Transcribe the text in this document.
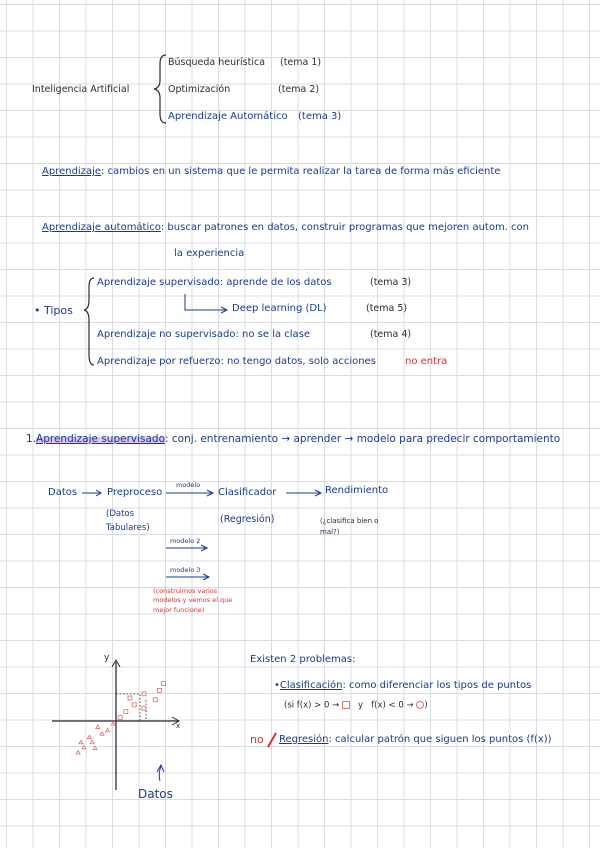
Inteligencia Artificial
Búsqueda heurística (tema 1)
Optimización	(tema 2)
Aprendizaje Automático (tema 3)
Aprendizaje: cambios en un sistema que le permita realizar la tarea de forma más eficiente
Aprendizaje automático: buscar patrones en datos, construir programas que mejoren autom. con
la experiencia
• Tipos
Aprendizaje supervisado: aprende de los datos	(tema 3)
Deep learning (DL)	(tema 5)
Aprendizaje no supervisado: no se la clase	(tema 4)
Aprendizaje por refuerzo: no tengo datos, solo acciones	no entra
1.Aprendizaje supervisado: conj. entrenamiento → aprender → modelo para predecir comportamiento
Datos	Preproceso
modelo
Clasificador	Rendimiento
(Datos Tabulares)
(Regresión)	(¿clasifica bien o mal?)
modelo 2
modelo 3
(construimos varios modelos y vemos el que mejor funcione)
Existen 2 problemas:
•Clasificación: como diferenciar los tipos de puntos
(si f(x) > 0 → y f(x) < 0 → )
no Regresión: calcular patrón que siguen los puntos (f(x))
y
x
Datos
